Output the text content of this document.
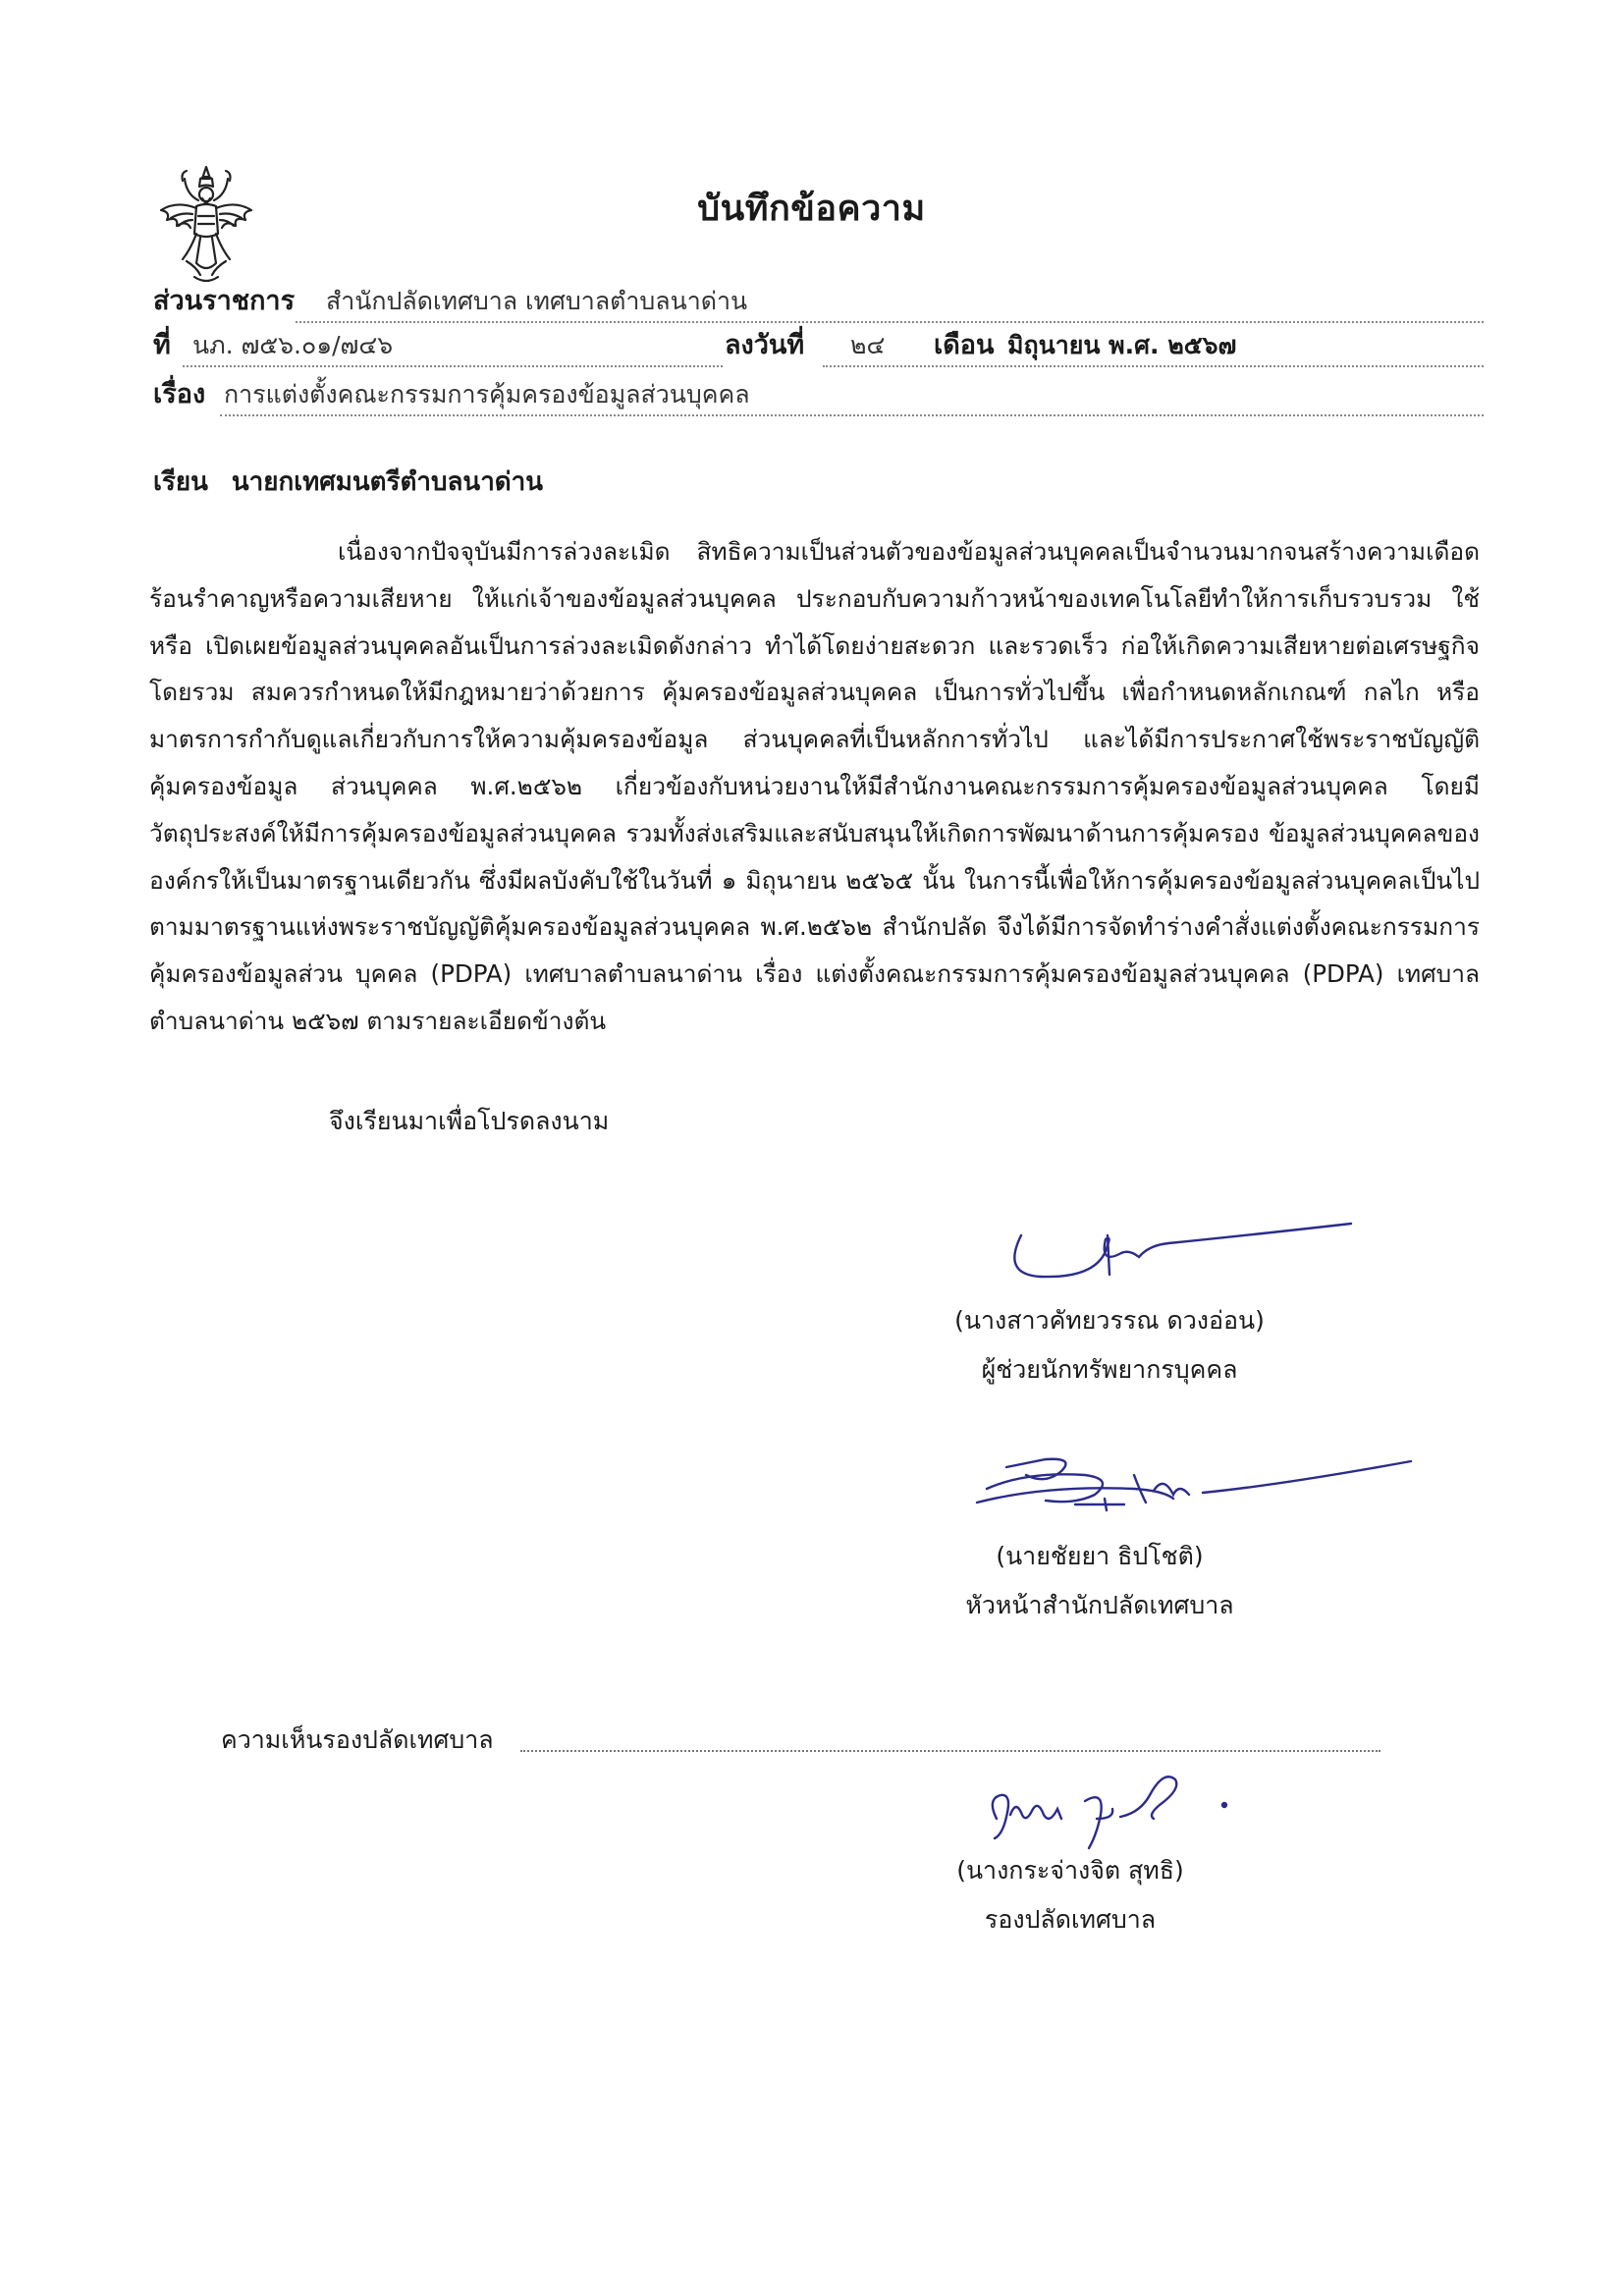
บันทึกข้อความ
ส่วนราชการ สำนักปลัดเทศบาล เทศบาลตำบลนาด่าน
ที่ นภ. ๗๕๖.๐๑/๗๔๖	ลงวันที่ ๒๔ เดือน มิถุนายน พ.ศ. ๒๕๖๗
เรื่อง การแต่งตั้งคณะกรรมการคุ้มครองข้อมูลส่วนบุคคล
เรียน นายกเทศมนตรีตำบลนาด่าน
เนื่องจากปัจจุบันมีการล่วงละเมิด สิทธิความเป็นส่วนตัวของข้อมูลส่วนบุคคลเป็นจำนวนมากจนสร้างความเดือดร้อนรำคาญหรือความเสียหาย ให้แก่เจ้าของข้อมูลส่วนบุคคล ประกอบกับความก้าวหน้าของเทคโนโลยีทำให้การเก็บรวบรวม ใช้ หรือ เปิดเผยข้อมูลส่วนบุคคลอันเป็นการล่วงละเมิดดังกล่าว ทำได้โดยง่ายสะดวก และรวดเร็ว ก่อให้เกิดความเสียหายต่อเศรษฐกิจโดยรวม สมควรกำหนดให้มีกฎหมายว่าด้วยการ คุ้มครองข้อมูลส่วนบุคคล เป็นการทั่วไปขึ้น เพื่อกำหนดหลักเกณฑ์ กลไก หรือมาตรการกำกับดูแลเกี่ยวกับการให้ความคุ้มครองข้อมูล ส่วนบุคคลที่เป็นหลักการทั่วไป และได้มีการประกาศใช้พระราชบัญญัติคุ้มครองข้อมูล ส่วนบุคคล พ.ศ.๒๕๖๒ เกี่ยวข้องกับหน่วยงานให้มีสำนักงานคณะกรรมการคุ้มครองข้อมูลส่วนบุคคล โดยมีวัตถุประสงค์ให้มีการคุ้มครองข้อมูลส่วนบุคคล รวมทั้งส่งเสริมและสนับสนุนให้เกิดการพัฒนาด้านการคุ้มครอง ข้อมูลส่วนบุคคลขององค์กรให้เป็นมาตรฐานเดียวกัน ซึ่งมีผลบังคับใช้ในวันที่ ๑ มิถุนายน ๒๕๖๕ นั้น ในการนี้เพื่อให้การคุ้มครองข้อมูลส่วนบุคคลเป็นไปตามมาตรฐานแห่งพระราชบัญญัติคุ้มครองข้อมูลส่วนบุคคล พ.ศ.๒๕๖๒ สำนักปลัด จึงได้มีการจัดทำร่างคำสั่งแต่งตั้งคณะกรรมการคุ้มครองข้อมูลส่วน บุคคล (PDPA) เทศบาลตำบลนาด่าน เรื่อง แต่งตั้งคณะกรรมการคุ้มครองข้อมูลส่วนบุคคล (PDPA) เทศบาลตำบลนาด่าน ๒๕๖๗ ตามรายละเอียดข้างต้น
จึงเรียนมาเพื่อโปรดลงนาม
(นางสาวคัทยวรรณ ดวงอ่อน)
ผู้ช่วยนักทรัพยากรบุคคล
(นายชัยยา ธิปโชติ)
หัวหน้าสำนักปลัดเทศบาล
ความเห็นรองปลัดเทศบาล
(นางกระจ่างจิต สุทธิ)
รองปลัดเทศบาล
